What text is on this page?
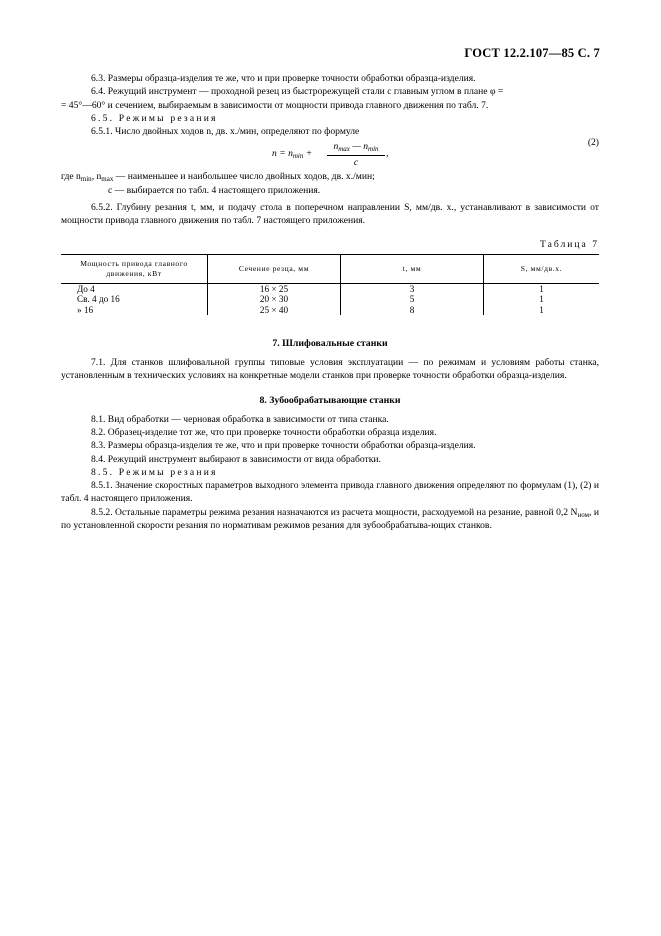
ГОСТ 12.2.107—85 С. 7

6.3. Размеры образца-изделия те же, что и при проверке точности обработки образца-изделия.

6.4. Режущий инструмент — проходной резец из быстрорежущей стали с главным углом в плане φ =
= 45°—60° и сечением, выбираемым в зависимости от мощности привода главного движения по табл. 7.

6.5. Режимы резания

6.5.1. Число двойных ходов n, дв. х./мин, определяют по формуле

$n = n_{min}$ +
$n_{max}$ — $n_{min}$
c
,
(2)

где $n_{min}$, $n_{max}$ — наименьшее и наибольшее число двойных ходов, дв. х./мин;

c — выбирается по табл. 4 настоящего приложения.

6.5.2. Глубину резания t, мм, и подачу стола в поперечном направлении S, мм/дв. х., устанавливают в зависимости от мощности привода главного движения по табл. 7 настоящего приложения.

Таблица 7
Мощность привода главного движения, кВт	Сечение резца, мм	t, мм	S, мм/дв.х.
До 4	16 × 25	3	1
Св. 4 до 16	20 × 30	5	1
» 16	25 × 40	8	1
7. Шлифовальные станки

7.1. Для станков шлифовальной группы типовые условия эксплуатации — по режимам и условиям работы станка, установленным в технических условиях на конкретные модели станков при проверке точности обработки образца-изделия.

8. Зубообрабатывающие станки

8.1. Вид обработки — черновая обработка в зависимости от типа станка.

8.2. Образец-изделие тот же, что при проверке точности обработки образца изделия.

8.3. Размеры образца-изделия те же, что и при проверке точности обработки образца-изделия.

8.4. Режущий инструмент выбирают в зависимости от вида обработки.

8.5. Режимы резания

8.5.1. Значение скоростных параметров выходного элемента привода главного движения определяют по формулам (1), (2) и табл. 4 настоящего приложения.

8.5.2. Остальные параметры режима резания назначаются из расчета мощности, расходуемой на резание, равной 0,2 $N_{ном}$, и по установленной скорости резания по нормативам режимов резания для зубообрабатыва-ющих станков.
